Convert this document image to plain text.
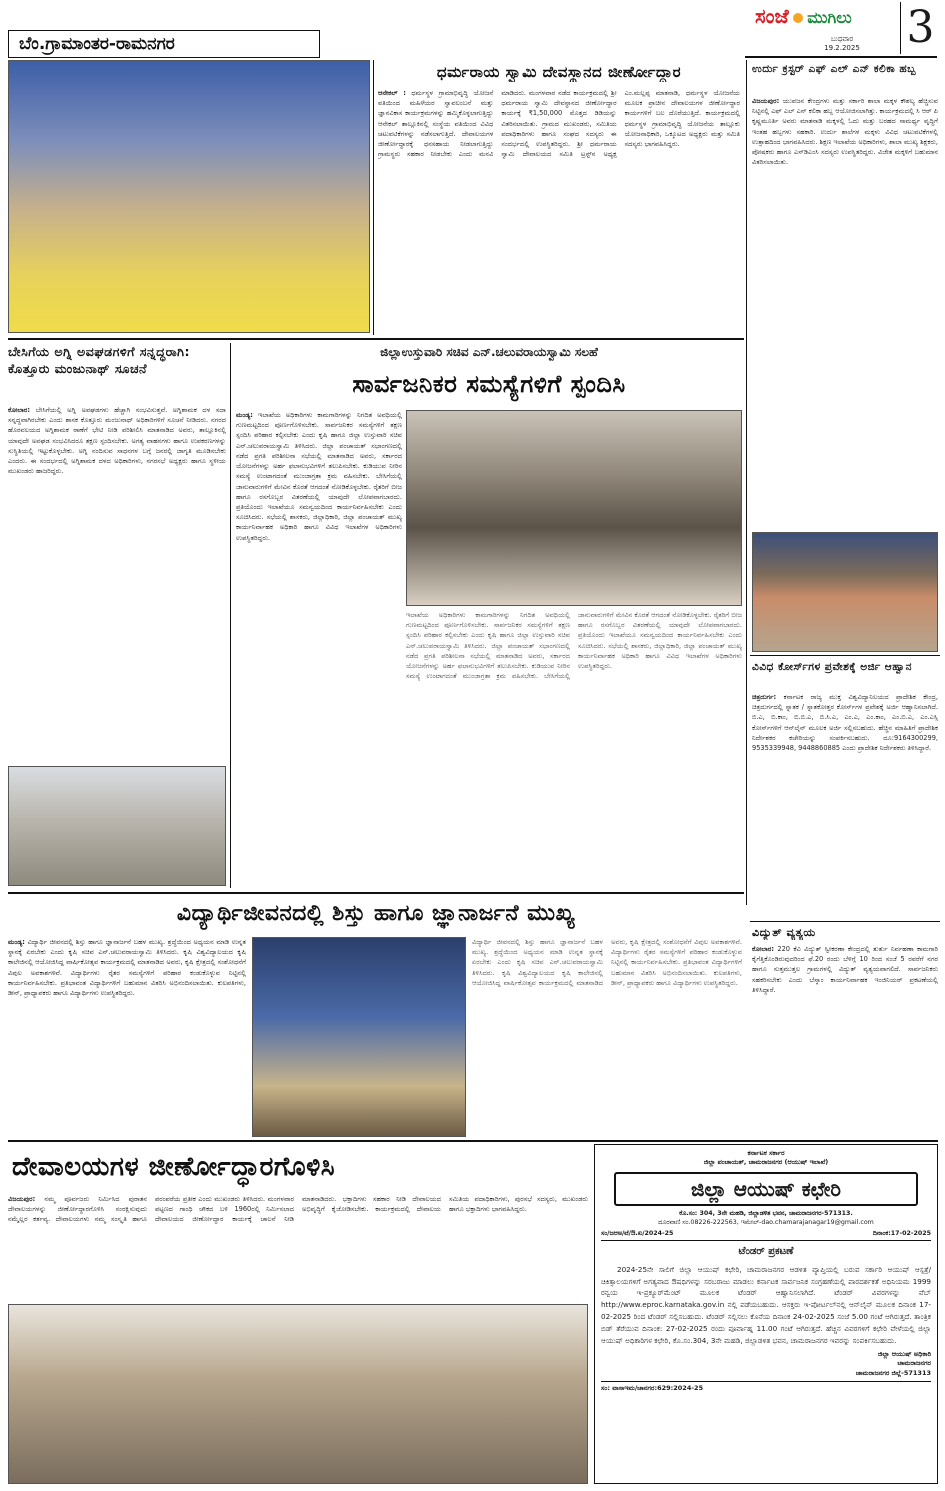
ಬೆಂ.ಗ್ರಾಮಾಂತರ-ರಾಮನಗರ
ಸಂಜೆ ಮುಗಿಲು
ಬುಧವಾರ
19.2.2025 3
ಧರ್ಮರಾಯ ಸ್ವಾಮಿ ದೇವಸ್ಥಾನದ ಜೀರ್ಣೋದ್ಧಾರ
ಆನೇಕಲ್ : ಧರ್ಮಸ್ಥಳ ಗ್ರಾಮಾಭಿವೃದ್ಧಿ ಯೋಜನೆ ವತಿಯಿಂದ ಮಹಿಳೆಯರ ಸ್ವಾವಲಂಬನೆ ಮತ್ತು ಜ್ಞಾನವಿಕಾಸ ಕಾರ್ಯಕ್ರಮಗಳನ್ನು ಹಮ್ಮಿಕೊಳ್ಳಲಾಗುತ್ತಿದ್ದು ಆನೇಕಲ್ ತಾಲ್ಲೂಕಿನಲ್ಲಿ ಸಂಸ್ಥೆಯ ವತಿಯಿಂದ ವಿವಿಧ ಚಟುವಟಿಕೆಗಳನ್ನು ನಡೆಸಲಾಗುತ್ತಿದೆ. ದೇವಾಲಯಗಳ ಜೀರ್ಣೋದ್ಧಾರಕ್ಕೆ ಧನಸಹಾಯ ನೀಡಲಾಗುತ್ತಿದ್ದು ಗ್ರಾಮಸ್ಥರು ಸಹಕಾರ ನೀಡಬೇಕು ಎಂದು ಮನವಿ ಮಾಡಿದರು. ಮಂಗಳವಾರ ನಡೆದ ಕಾರ್ಯಕ್ರಮದಲ್ಲಿ ಶ್ರೀ ಧರ್ಮರಾಯ ಸ್ವಾಮಿ ದೇವಸ್ಥಾನದ ಜೀರ್ಣೋದ್ಧಾರ ಕಾರ್ಯಕ್ಕೆ ₹1,50,000 ಮೊತ್ತದ ಡಿಡಿಯನ್ನು ವಿತರಿಸಲಾಯಿತು. ಗ್ರಾಮದ ಮುಖಂಡರು, ಸಮಿತಿಯ ಪದಾಧಿಕಾರಿಗಳು ಹಾಗೂ ಸಂಘದ ಸದಸ್ಯರು ಈ ಸಂದರ್ಭದಲ್ಲಿ ಉಪಸ್ಥಿತರಿದ್ದರು. ಶ್ರೀ ಧರ್ಮರಾಯ ಸ್ವಾಮಿ ದೇವಾಲಯದ ಸಮಿತಿ ಟ್ರಸ್ಟ್‌ನ ಅಧ್ಯಕ್ಷ ಎಂ.ಮಲ್ಲಪ್ಪ ಮಾತನಾಡಿ, ಧರ್ಮಸ್ಥಳ ಯೋಜನೆಯ ಮೂಲಕ ಪ್ರಾಚೀನ ದೇವಾಲಯಗಳ ಜೀರ್ಣೋದ್ಧಾರ ಕಾರ್ಯಗಳಿಗೆ ಬಲ ದೊರೆಯುತ್ತಿದೆ. ಕಾರ್ಯಕ್ರಮದಲ್ಲಿ ಧರ್ಮಸ್ಥಳ ಗ್ರಾಮಾಭಿವೃದ್ಧಿ ಯೋಜನೆಯ ತಾಲ್ಲೂಕು ಯೋಜನಾಧಿಕಾರಿ, ಒಕ್ಕೂಟದ ಅಧ್ಯಕ್ಷರು ಮತ್ತು ಸಮಿತಿ ಸದಸ್ಯರು ಭಾಗವಹಿಸಿದ್ದರು.
ಉರ್ದು ಕ್ರಸ್ಟರ್ ಎಫ್ ಎಲ್ ಎನ್ ಕಲಿಕಾ ಹಬ್ಬ
ವಿಜಯಪುರ: ಯುವಜನ ಕೇಂದ್ರಗಳು ಮತ್ತು ಸರ್ಕಾರಿ ಶಾಲಾ ಮಕ್ಕಳ ಕೌಶಲ್ಯ ಹೆಚ್ಚಿಸುವ ನಿಟ್ಟಿನಲ್ಲಿ ಎಫ್ ಎಲ್ ಎನ್ ಕಲಿಕಾ ಹಬ್ಬ ಆಯೋಜಿಸಲಾಗಿತ್ತು. ಕಾರ್ಯಕ್ರಮದಲ್ಲಿ ಸಿ ಆರ್ ಪಿ ಕೃಷ್ಣಮೂರ್ತಿ ಅವರು ಮಾತನಾಡಿ ಮಕ್ಕಳಲ್ಲಿ ಓದು ಮತ್ತು ಬರಹದ ಸಾಮರ್ಥ್ಯ ವೃದ್ಧಿಗೆ ಇಂತಹ ಹಬ್ಬಗಳು ಸಹಕಾರಿ. ಉರ್ದು ಶಾಲೆಗಳ ಮಕ್ಕಳು ವಿವಿಧ ಚಟುವಟಿಕೆಗಳಲ್ಲಿ ಉತ್ಸಾಹದಿಂದ ಭಾಗವಹಿಸಿದರು. ಶಿಕ್ಷಣ ಇಲಾಖೆಯ ಅಧಿಕಾರಿಗಳು, ಶಾಲಾ ಮುಖ್ಯ ಶಿಕ್ಷಕರು, ಪೋಷಕರು ಹಾಗೂ ಎಸ್‌ಡಿಎಂಸಿ ಸದಸ್ಯರು ಉಪಸ್ಥಿತರಿದ್ದರು. ವಿಜೇತ ಮಕ್ಕಳಿಗೆ ಬಹುಮಾನ ವಿತರಿಸಲಾಯಿತು.
ವಿವಿಧ ಕೋರ್ಸ್‌ಗಳ ಪ್ರವೇಶಕ್ಕೆ ಅರ್ಜಿ ಆಹ್ವಾನ
ಚಿತ್ರದುರ್ಗ: ಕರ್ನಾಟಕ ರಾಜ್ಯ ಮುಕ್ತ ವಿಶ್ವವಿದ್ಯಾನಿಲಯದ ಪ್ರಾದೇಶಿಕ ಕೇಂದ್ರ, ಚಿತ್ರದುರ್ಗದಲ್ಲಿ ಸ್ನಾತಕ / ಸ್ನಾತಕೋತ್ತರ ಕೋರ್ಸ್‌ಗಳ ಪ್ರವೇಶಕ್ಕೆ ಅರ್ಜಿ ಆಹ್ವಾನಿಸಲಾಗಿದೆ. ಬಿ.ಎ, ಬಿ.ಕಾಂ, ಬಿ.ಬಿ.ಎ, ಬಿ.ಸಿ.ಎ, ಎಂ.ಎ, ಎಂ.ಕಾಂ, ಎಂ.ಬಿ.ಎ, ಎಂ.ಎಸ್ಸಿ ಕೋರ್ಸ್‌ಗಳಿಗೆ ಆನ್‌ಲೈನ್ ಮೂಲಕ ಅರ್ಜಿ ಸಲ್ಲಿಸಬಹುದು. ಹೆಚ್ಚಿನ ಮಾಹಿತಿಗೆ ಪ್ರಾದೇಶಿಕ ನಿರ್ದೇಶಕರ ಕಚೇರಿಯನ್ನು ಸಂಪರ್ಕಿಸಬಹುದು. ದೂ:9164300299, 9535339948, 9448860885 ಎಂದು ಪ್ರಾದೇಶಿಕ ನಿರ್ದೇಶಕರು ತಿಳಿಸಿದ್ದಾರೆ.
ವಿದ್ಯುತ್ ವ್ಯತ್ಯಯ
ಕೋಲಾರ: 220 ಕೆವಿ ವಿದ್ಯುತ್ ಸ್ವೀಕರಣಾ ಕೇಂದ್ರದಲ್ಲಿ ತುರ್ತು ನಿರ್ವಹಣಾ ಕಾಮಗಾರಿ ಕೈಗೆತ್ತಿಕೊಂಡಿರುವುದರಿಂದ ಫೆ.20 ರಂದು ಬೆಳಿಗ್ಗೆ 10 ರಿಂದ ಸಂಜೆ 5 ರವರೆಗೆ ನಗರ ಹಾಗೂ ಸುತ್ತಮುತ್ತಲ ಗ್ರಾಮಗಳಲ್ಲಿ ವಿದ್ಯುತ್ ವ್ಯತ್ಯಯವಾಗಲಿದೆ. ಸಾರ್ವಜನಿಕರು ಸಹಕರಿಸಬೇಕು ಎಂದು ಬೆಸ್ಕಾಂ ಕಾರ್ಯನಿರ್ವಾಹಕ ಇಂಜಿನಿಯರ್ ಪ್ರಕಟಣೆಯಲ್ಲಿ ತಿಳಿಸಿದ್ದಾರೆ.
ಬೇಸಿಗೆಯ ಅಗ್ನಿ ಅವಘಡಗಳಿಗೆ ಸನ್ನದ್ಧರಾಗಿ: ಕೊತ್ತೂರು ಮಂಜುನಾಥ್ ಸೂಚನೆ
ಕೋಲಾರ: ಬೇಸಿಗೆಯಲ್ಲಿ ಅಗ್ನಿ ಅವಘಡಗಳು ಹೆಚ್ಚಾಗಿ ಸಂಭವಿಸುತ್ತವೆ. ಅಗ್ನಿಶಾಮಕ ದಳ ಸದಾ ಸನ್ನದ್ಧವಾಗಿರಬೇಕು ಎಂದು ಶಾಸಕ ಕೊತ್ತೂರು ಮಂಜುನಾಥ್ ಅಧಿಕಾರಿಗಳಿಗೆ ಸೂಚನೆ ನೀಡಿದರು. ನಗರದ ಹೊರವಲಯದ ಅಗ್ನಿಶಾಮಕ ಠಾಣೆಗೆ ಭೇಟಿ ನೀಡಿ ಪರಿಶೀಲಿಸಿ ಮಾತನಾಡಿದ ಅವರು, ತಾಲ್ಲೂಕಿನಲ್ಲಿ ಯಾವುದೇ ಅವಘಡ ಸಂಭವಿಸಿದರೂ ತಕ್ಷಣ ಸ್ಪಂದಿಸಬೇಕು. ಅಗತ್ಯ ವಾಹನಗಳು ಹಾಗೂ ಉಪಕರಣಗಳನ್ನು ಸುಸ್ಥಿತಿಯಲ್ಲಿ ಇಟ್ಟುಕೊಳ್ಳಬೇಕು. ಅಗ್ನಿ ನಂದಿಸುವ ಸಾಧನಗಳ ಬಗ್ಗೆ ಜನರಲ್ಲಿ ಜಾಗೃತಿ ಮೂಡಿಸಬೇಕು ಎಂದರು. ಈ ಸಂದರ್ಭದಲ್ಲಿ ಅಗ್ನಿಶಾಮಕ ದಳದ ಅಧಿಕಾರಿಗಳು, ನಗರಸಭೆ ಅಧ್ಯಕ್ಷರು ಹಾಗೂ ಸ್ಥಳೀಯ ಮುಖಂಡರು ಹಾಜರಿದ್ದರು.
ಜಿಲ್ಲಾಉಸ್ತುವಾರಿ ಸಚಿವ ಎನ್.ಚಲುವರಾಯಸ್ವಾಮಿ ಸಲಹೆ
ಸಾರ್ವಜನಿಕರ ಸಮಸ್ಯೆಗಳಿಗೆ ಸ್ಪಂದಿಸಿ
ಮಂಡ್ಯ: ಇಲಾಖೆಯ ಅಧಿಕಾರಿಗಳು ಕಾಮಗಾರಿಗಳನ್ನು ನಿಗದಿತ ಅವಧಿಯಲ್ಲಿ ಗುಣಮಟ್ಟದಿಂದ ಪೂರ್ಣಗೊಳಿಸಬೇಕು. ಸಾರ್ವಜನಿಕರ ಸಮಸ್ಯೆಗಳಿಗೆ ತಕ್ಷಣ ಸ್ಪಂದಿಸಿ ಪರಿಹಾರ ಕಲ್ಪಿಸಬೇಕು ಎಂದು ಕೃಷಿ ಹಾಗೂ ಜಿಲ್ಲಾ ಉಸ್ತುವಾರಿ ಸಚಿವ ಎನ್.ಚಲುವರಾಯಸ್ವಾಮಿ ತಿಳಿಸಿದರು. ಜಿಲ್ಲಾ ಪಂಚಾಯತ್ ಸಭಾಂಗಣದಲ್ಲಿ ನಡೆದ ಪ್ರಗತಿ ಪರಿಶೀಲನಾ ಸಭೆಯಲ್ಲಿ ಮಾತನಾಡಿದ ಅವರು, ಸರ್ಕಾರದ ಯೋಜನೆಗಳನ್ನು ಅರ್ಹ ಫಲಾನುಭವಿಗಳಿಗೆ ತಲುಪಿಸಬೇಕು. ಕುಡಿಯುವ ನೀರಿನ ಸಮಸ್ಯೆ ಉಂಟಾಗದಂತೆ ಮುಂಜಾಗ್ರತಾ ಕ್ರಮ ವಹಿಸಬೇಕು. ಬೇಸಿಗೆಯಲ್ಲಿ ಜಾನುವಾರುಗಳಿಗೆ ಮೇವಿನ ಕೊರತೆ ಆಗದಂತೆ ನೋಡಿಕೊಳ್ಳಬೇಕು. ರೈತರಿಗೆ ಬೀಜ ಹಾಗೂ ರಸಗೊಬ್ಬರ ವಿತರಣೆಯಲ್ಲಿ ಯಾವುದೇ ಲೋಪವಾಗಬಾರದು. ಪ್ರತಿಯೊಂದು ಇಲಾಖೆಯೂ ಸಮನ್ವಯದಿಂದ ಕಾರ್ಯನಿರ್ವಹಿಸಬೇಕು ಎಂದು ಸೂಚಿಸಿದರು. ಸಭೆಯಲ್ಲಿ ಶಾಸಕರು, ಜಿಲ್ಲಾಧಿಕಾರಿ, ಜಿಲ್ಲಾ ಪಂಚಾಯತ್ ಮುಖ್ಯ ಕಾರ್ಯನಿರ್ವಾಹಕ ಅಧಿಕಾರಿ ಹಾಗೂ ವಿವಿಧ ಇಲಾಖೆಗಳ ಅಧಿಕಾರಿಗಳು ಉಪಸ್ಥಿತರಿದ್ದರು.
ಇಲಾಖೆಯ ಅಧಿಕಾರಿಗಳು ಕಾಮಗಾರಿಗಳನ್ನು ನಿಗದಿತ ಅವಧಿಯಲ್ಲಿ ಗುಣಮಟ್ಟದಿಂದ ಪೂರ್ಣಗೊಳಿಸಬೇಕು. ಸಾರ್ವಜನಿಕರ ಸಮಸ್ಯೆಗಳಿಗೆ ತಕ್ಷಣ ಸ್ಪಂದಿಸಿ ಪರಿಹಾರ ಕಲ್ಪಿಸಬೇಕು ಎಂದು ಕೃಷಿ ಹಾಗೂ ಜಿಲ್ಲಾ ಉಸ್ತುವಾರಿ ಸಚಿವ ಎನ್.ಚಲುವರಾಯಸ್ವಾಮಿ ತಿಳಿಸಿದರು. ಜಿಲ್ಲಾ ಪಂಚಾಯತ್ ಸಭಾಂಗಣದಲ್ಲಿ ನಡೆದ ಪ್ರಗತಿ ಪರಿಶೀಲನಾ ಸಭೆಯಲ್ಲಿ ಮಾತನಾಡಿದ ಅವರು, ಸರ್ಕಾರದ ಯೋಜನೆಗಳನ್ನು ಅರ್ಹ ಫಲಾನುಭವಿಗಳಿಗೆ ತಲುಪಿಸಬೇಕು. ಕುಡಿಯುವ ನೀರಿನ ಸಮಸ್ಯೆ ಉಂಟಾಗದಂತೆ ಮುಂಜಾಗ್ರತಾ ಕ್ರಮ ವಹಿಸಬೇಕು. ಬೇಸಿಗೆಯಲ್ಲಿ ಜಾನುವಾರುಗಳಿಗೆ ಮೇವಿನ ಕೊರತೆ ಆಗದಂತೆ ನೋಡಿಕೊಳ್ಳಬೇಕು. ರೈತರಿಗೆ ಬೀಜ ಹಾಗೂ ರಸಗೊಬ್ಬರ ವಿತರಣೆಯಲ್ಲಿ ಯಾವುದೇ ಲೋಪವಾಗಬಾರದು. ಪ್ರತಿಯೊಂದು ಇಲಾಖೆಯೂ ಸಮನ್ವಯದಿಂದ ಕಾರ್ಯನಿರ್ವಹಿಸಬೇಕು ಎಂದು ಸೂಚಿಸಿದರು. ಸಭೆಯಲ್ಲಿ ಶಾಸಕರು, ಜಿಲ್ಲಾಧಿಕಾರಿ, ಜಿಲ್ಲಾ ಪಂಚಾಯತ್ ಮುಖ್ಯ ಕಾರ್ಯನಿರ್ವಾಹಕ ಅಧಿಕಾರಿ ಹಾಗೂ ವಿವಿಧ ಇಲಾಖೆಗಳ ಅಧಿಕಾರಿಗಳು ಉಪಸ್ಥಿತರಿದ್ದರು.
ವಿದ್ಯಾರ್ಥಿಜೀವನದಲ್ಲಿ ಶಿಸ್ತು ಹಾಗೂ ಜ್ಞಾನಾರ್ಜನೆ ಮುಖ್ಯ
ಮಂಡ್ಯ: ವಿದ್ಯಾರ್ಥಿ ಜೀವನದಲ್ಲಿ ಶಿಸ್ತು ಹಾಗೂ ಜ್ಞಾನಾರ್ಜನೆ ಬಹಳ ಮುಖ್ಯ. ಶ್ರದ್ಧೆಯಿಂದ ಅಧ್ಯಯನ ಮಾಡಿ ಉನ್ನತ ಸ್ಥಾನಕ್ಕೆ ಏರಬೇಕು ಎಂದು ಕೃಷಿ ಸಚಿವ ಎನ್.ಚಲುವರಾಯಸ್ವಾಮಿ ತಿಳಿಸಿದರು. ಕೃಷಿ ವಿಶ್ವವಿದ್ಯಾಲಯದ ಕೃಷಿ ಕಾಲೇಜಿನಲ್ಲಿ ಆಯೋಜಿಸಿದ್ದ ವಾರ್ಷಿಕೋತ್ಸವ ಕಾರ್ಯಕ್ರಮದಲ್ಲಿ ಮಾತನಾಡಿದ ಅವರು, ಕೃಷಿ ಕ್ಷೇತ್ರದಲ್ಲಿ ಸಂಶೋಧನೆಗೆ ವಿಪುಲ ಅವಕಾಶಗಳಿವೆ. ವಿದ್ಯಾರ್ಥಿಗಳು ರೈತರ ಸಮಸ್ಯೆಗಳಿಗೆ ಪರಿಹಾರ ಕಂಡುಕೊಳ್ಳುವ ನಿಟ್ಟಿನಲ್ಲಿ ಕಾರ್ಯನಿರ್ವಹಿಸಬೇಕು. ಪ್ರತಿಭಾವಂತ ವಿದ್ಯಾರ್ಥಿಗಳಿಗೆ ಬಹುಮಾನ ವಿತರಿಸಿ ಅಭಿನಂದಿಸಲಾಯಿತು. ಕುಲಪತಿಗಳು, ಡೀನ್, ಪ್ರಾಧ್ಯಾಪಕರು ಹಾಗೂ ವಿದ್ಯಾರ್ಥಿಗಳು ಉಪಸ್ಥಿತರಿದ್ದರು.
ವಿದ್ಯಾರ್ಥಿ ಜೀವನದಲ್ಲಿ ಶಿಸ್ತು ಹಾಗೂ ಜ್ಞಾನಾರ್ಜನೆ ಬಹಳ ಮುಖ್ಯ. ಶ್ರದ್ಧೆಯಿಂದ ಅಧ್ಯಯನ ಮಾಡಿ ಉನ್ನತ ಸ್ಥಾನಕ್ಕೆ ಏರಬೇಕು ಎಂದು ಕೃಷಿ ಸಚಿವ ಎನ್.ಚಲುವರಾಯಸ್ವಾಮಿ ತಿಳಿಸಿದರು. ಕೃಷಿ ವಿಶ್ವವಿದ್ಯಾಲಯದ ಕೃಷಿ ಕಾಲೇಜಿನಲ್ಲಿ ಆಯೋಜಿಸಿದ್ದ ವಾರ್ಷಿಕೋತ್ಸವ ಕಾರ್ಯಕ್ರಮದಲ್ಲಿ ಮಾತನಾಡಿದ ಅವರು, ಕೃಷಿ ಕ್ಷೇತ್ರದಲ್ಲಿ ಸಂಶೋಧನೆಗೆ ವಿಪುಲ ಅವಕಾಶಗಳಿವೆ. ವಿದ್ಯಾರ್ಥಿಗಳು ರೈತರ ಸಮಸ್ಯೆಗಳಿಗೆ ಪರಿಹಾರ ಕಂಡುಕೊಳ್ಳುವ ನಿಟ್ಟಿನಲ್ಲಿ ಕಾರ್ಯನಿರ್ವಹಿಸಬೇಕು. ಪ್ರತಿಭಾವಂತ ವಿದ್ಯಾರ್ಥಿಗಳಿಗೆ ಬಹುಮಾನ ವಿತರಿಸಿ ಅಭಿನಂದಿಸಲಾಯಿತು. ಕುಲಪತಿಗಳು, ಡೀನ್, ಪ್ರಾಧ್ಯಾಪಕರು ಹಾಗೂ ವಿದ್ಯಾರ್ಥಿಗಳು ಉಪಸ್ಥಿತರಿದ್ದರು.
ದೇವಾಲಯಗಳ ಜೀರ್ಣೋದ್ಧಾರಗೊಳಿಸಿ
ವಿಜಯಪುರ: ನಮ್ಮ ಪೂರ್ವಜರು ನಿರ್ಮಿಸಿದ ಪುರಾತನ ದೇವಾಲಯಗಳನ್ನು ಜೀರ್ಣೋದ್ಧಾರಗೊಳಿಸಿ ಸಂರಕ್ಷಿಸುವುದು ನಮ್ಮೆಲ್ಲರ ಕರ್ತವ್ಯ. ದೇವಾಲಯಗಳು ನಮ್ಮ ಸಂಸ್ಕೃತಿ ಹಾಗೂ ಪರಂಪರೆಯ ಪ್ರತೀಕ ಎಂದು ಮುಖಂಡರು ತಿಳಿಸಿದರು. ಮಂಗಳವಾರ ಪಟ್ಟಣದ ಗಾಂಧಿ ಚೌಕದ ಬಳಿ 1960ರಲ್ಲಿ ನಿರ್ಮಿಸಲಾದ ದೇವಾಲಯದ ಜೀರ್ಣೋದ್ಧಾರ ಕಾರ್ಯಕ್ಕೆ ಚಾಲನೆ ನೀಡಿ ಮಾತನಾಡಿದರು. ಭಕ್ತಾದಿಗಳು ಸಹಕಾರ ನೀಡಿ ದೇವಾಲಯದ ಅಭಿವೃದ್ಧಿಗೆ ಕೈಜೋಡಿಸಬೇಕು. ಕಾರ್ಯಕ್ರಮದಲ್ಲಿ ದೇವಾಲಯ ಸಮಿತಿಯ ಪದಾಧಿಕಾರಿಗಳು, ಪುರಸಭೆ ಸದಸ್ಯರು, ಮುಖಂಡರು ಹಾಗೂ ಭಕ್ತಾದಿಗಳು ಭಾಗವಹಿಸಿದ್ದರು.
ಕರ್ನಾಟಕ ಸರ್ಕಾರ
ಜಿಲ್ಲಾ ಪಂಚಾಯತ್, ಚಾಮರಾಜನಗರ (ಆಯುಷ್ ಇಲಾಖೆ)
ಜಿಲ್ಲಾ ಆಯುಷ್ ಕಛೇರಿ
ಕೊ.ಸಂ: 304, 3ನೇ ಮಹಡಿ, ಜಿಲ್ಲಾಡಳಿತ ಭವನ, ಚಾಮರಾಜನಗರ-571313.
ದೂರವಾಣಿ ಸಂ.08226-222563, ಇಮೇಲ್-dao.chamarajanagar19@gmail.com
ಸಂ/ಜಆಅ/ಟೆ/ಔ.ಖ/2024-25	ದಿನಾಂಕ:17-02-2025
ಟೆಂಡರ್ ಪ್ರಕಟಣೆ
2024-25ನೇ ಸಾಲಿಗೆ ಜಿಲ್ಲಾ ಆಯುಷ್ ಕಛೇರಿ, ಚಾಮರಾಜನಗರ ಆಡಳಿತ ವ್ಯಾಪ್ತಿಯಲ್ಲಿ ಬರುವ ಸರ್ಕಾರಿ ಆಯುಷ್ ಆಸ್ಪತ್ರೆ/ಚಿಕಿತ್ಸಾಲಯಗಳಿಗೆ ಅಗತ್ಯವಾದ ಔಷಧಿಗಳನ್ನು ಸರಬರಾಜು ಮಾಡಲು ಕರ್ನಾಟಕ ಸಾರ್ವಜನಿಕ ಸಂಗ್ರಹಣೆಯಲ್ಲಿ ಪಾರದರ್ಶಕತೆ ಅಧಿನಿಯಮ 1999 ರನ್ವಯ ಇ-ಪ್ರಕ್ಯೂರ್‌ಮೆಂಟ್ ಮೂಲಕ ಟೆಂಡರ್ ಆಹ್ವಾನಿಸಲಾಗಿದೆ. ಟೆಂಡರ್ ವಿವರಗಳನ್ನು ವೆಬ್ http://www.eproc.karnataka.gov.in ನಲ್ಲಿ ಪಡೆಯಬಹುದು. ಆಸಕ್ತರು ಇ-ಪೋರ್ಟಲ್‌ನಲ್ಲಿ ಆನ್‌ಲೈನ್ ಮೂಲಕ ದಿನಾಂಕ 17-02-2025 ರಿಂದ ಟೆಂಡರ್ ಸಲ್ಲಿಸಬಹುದು. ಟೆಂಡರ್ ಸಲ್ಲಿಸಲು ಕೊನೆಯ ದಿನಾಂಕ 24-02-2025 ಸಂಜೆ 5.00 ಗಂಟೆ ಆಗಿರುತ್ತದೆ. ತಾಂತ್ರಿಕ ಬಿಡ್ ತೆರೆಯುವ ದಿನಾಂಕ: 27-02-2025 ರಂದು ಪೂರ್ವಾಹ್ನ 11.00 ಗಂಟೆ ಆಗಿರುತ್ತದೆ. ಹೆಚ್ಚಿನ ವಿವರಗಳಿಗೆ ಕಛೇರಿ ವೇಳೆಯಲ್ಲಿ ಜಿಲ್ಲಾ ಆಯುಷ್ ಅಧಿಕಾರಿಗಳ ಕಛೇರಿ, ಕೊ.ಸಂ.304, 3ನೇ ಮಹಡಿ, ಜಿಲ್ಲಾಡಳಿತ ಭವನ, ಚಾಮರಾಜನಗರ ಇವರನ್ನು ಸಂಪರ್ಕಿಸಬಹುದು.
ಜಿಲ್ಲಾ ಆಯುಷ್ ಅಧಿಕಾರಿ
ಚಾಮರಾಜನಗರ
ಚಾಮರಾಜನಗರ ಜಿಲ್ಲೆ-571313
ಸಂ: ವಾಸಾಇಮ/ಚಾನಗರ:629:2024-25
